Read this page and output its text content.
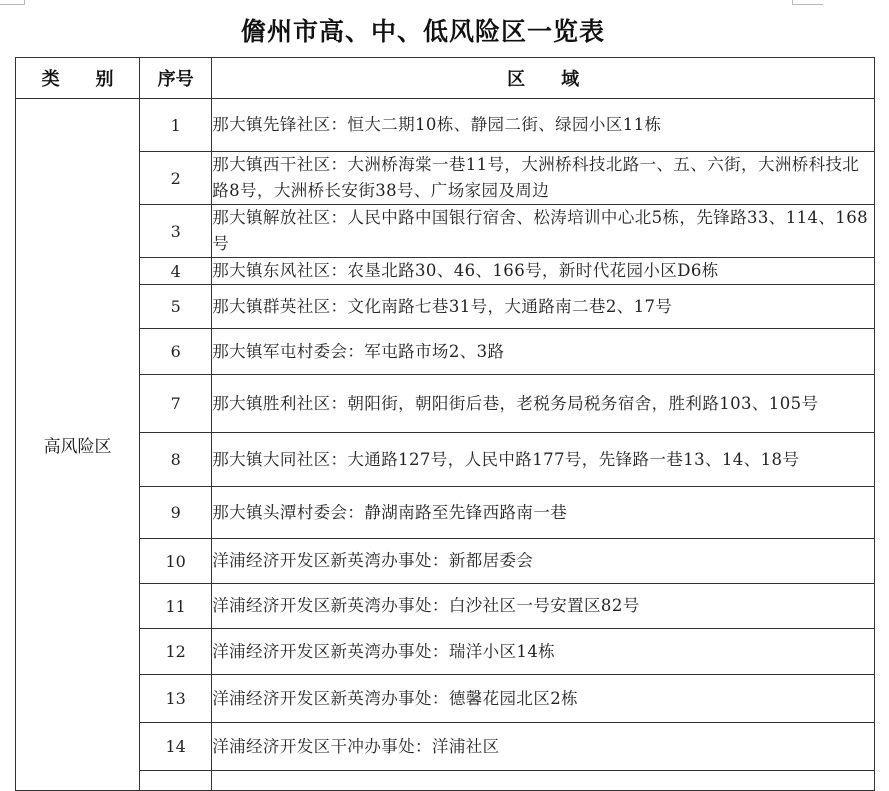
儋州市高、中、低风险区一览表
类　　别	序号	区　　域
高风险区	1	那大镇先锋社区：恒大二期10栋、静园二街、绿园小区11栋
	2	那大镇西干社区：大洲桥海棠一巷11号，大洲桥科技北路一、五、六街，大洲桥科技北路8号，大洲桥长安街38号、广场家园及周边
	3	那大镇解放社区：人民中路中国银行宿舍、松涛培训中心北5栋，先锋路33、114、168号
	4	那大镇东风社区：农垦北路30、46、166号，新时代花园小区D6栋
	5	那大镇群英社区：文化南路七巷31号，大通路南二巷2、17号
	6	那大镇军屯村委会：军屯路市场2、3路
	7	那大镇胜利社区：朝阳街，朝阳街后巷，老税务局税务宿舍，胜利路103、105号
	8	那大镇大同社区：大通路127号，人民中路177号，先锋路一巷13、14、18号
	9	那大镇头潭村委会：静湖南路至先锋西路南一巷
	10	洋浦经济开发区新英湾办事处：新都居委会
	11	洋浦经济开发区新英湾办事处：白沙社区一号安置区82号
	12	洋浦经济开发区新英湾办事处：瑞洋小区14栋
	13	洋浦经济开发区新英湾办事处：德馨花园北区2栋
	14	洋浦经济开发区干冲办事处：洋浦社区
